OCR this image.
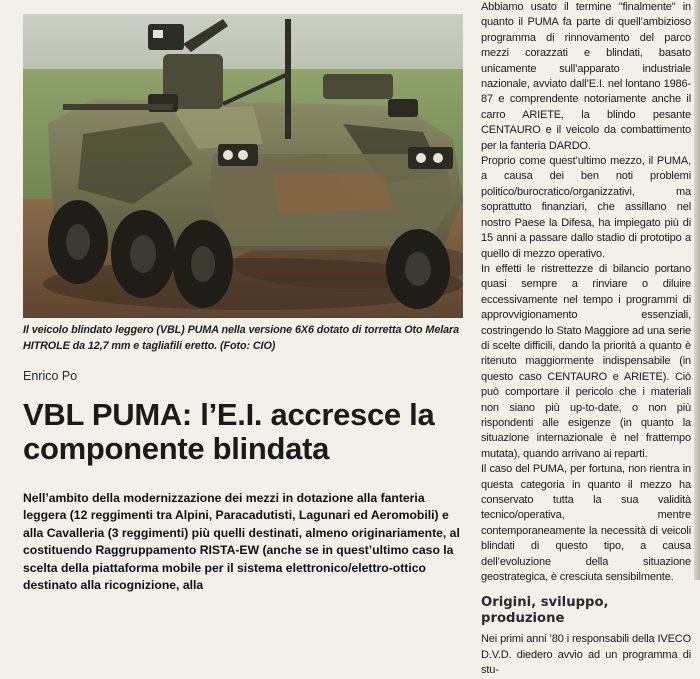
Il veicolo blindato leggero (VBL) PUMA nella versione 6X6 dotato di torretta Oto Melara HITROLE da 12,7 mm e tagliafili eretto. (Foto: CIO)

Enrico Po
VBL PUMA: l’E.I. accresce la componente blindata

Nell’ambito della modernizzazione dei mezzi in dotazione alla fanteria leggera (12 reggimenti tra Alpini, Paracadutisti, Lagunari ed Aeromobili) e alla Cavalleria (3 reggimenti) più quelli destinati, almeno originariamente, al costituendo Raggruppamento RISTA-EW (anche se in quest’ultimo caso la scelta della piattaforma mobile per il sistema elettronico/elettro-ottico destinato alla ricognizione, alla

Abbiamo usato il termine "finalmente" in quanto il PUMA fa parte di quell’ambizioso programma di rinnovamento del parco mezzi corazzati e blindati, basato unicamente sull’apparato industriale nazionale, avviato dall’E.I. nel lontano 1986-87 e comprendente notoriamente anche il carro ARIETE, la blindo pesante CENTAURO e il veicolo da combattimento per la fanteria DARDO.

Proprio come quest’ultimo mezzo, il PUMA, a causa dei ben noti problemi politico/burocratico/organizzativi, ma soprattutto finanziari, che assillano nel nostro Paese la Difesa, ha impiegato più di 15 anni a passare dallo stadio di prototipo a quello di mezzo operativo.

In effetti le ristrettezze di bilancio portano quasi sempre a rinviare o diluire eccessivamente nel tempo i programmi di approvvigionamento essenziali, costringendo lo Stato Maggiore ad una serie di scelte difficili, dando la priorità a quanto è ritenuto maggiormente indispensabile (in questo caso CENTAURO e ARIETE). Ciò può comportare il pericolo che i materiali non siano più up-to-date, o non più rispondenti alle esigenze (in quanto la situazione internazionale è nel frattempo mutata), quando arrivano ai reparti.

Il caso del PUMA, per fortuna, non rientra in questa categoria in quanto il mezzo ha conservato tutta la sua validità tecnico/operativa, mentre contemporaneamente la necessità di veicoli blindati di questo tipo, a causa dell’evoluzione della situazione geostrategica, è cresciuta sensibilmente.

Origini, sviluppo, produzione

Nei primi anni ’80 i responsabili della IVECO D.V.D. diedero avvio ad un programma di stu-
